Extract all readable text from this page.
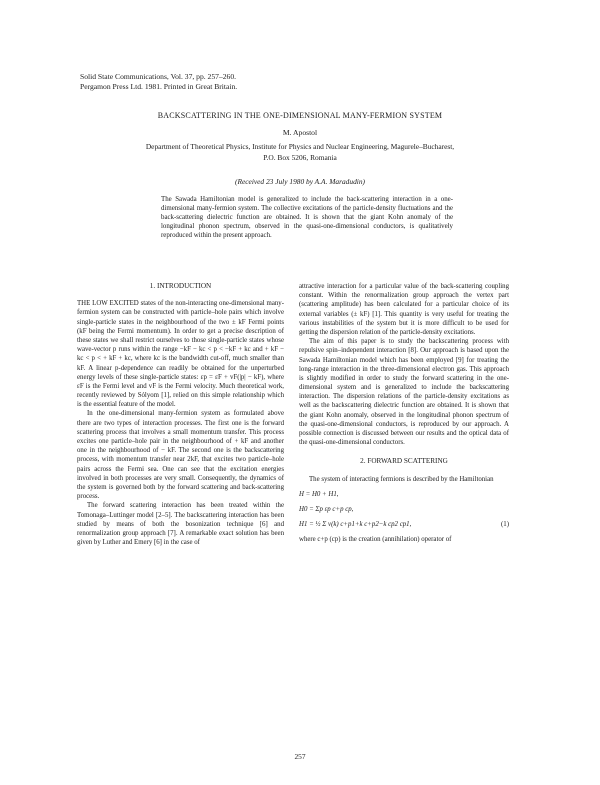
Solid State Communications, Vol. 37, pp. 257–260.
Pergamon Press Ltd. 1981. Printed in Great Britain.
BACKSCATTERING IN THE ONE-DIMENSIONAL MANY-FERMION SYSTEM
M. Apostol
Department of Theoretical Physics, Institute for Physics and Nuclear Engineering, Magurele–Bucharest,
P.O. Box 5206, Romania
(Received 23 July 1980 by A.A. Maradudin)
The Sawada Hamiltonian model is generalized to include the back-scattering interaction in a one-dimensional many-fermion system. The collective excitations of the particle-density fluctuations and the back-scattering dielectric function are obtained. It is shown that the giant Kohn anomaly of the longitudinal phonon spectrum, observed in the quasi-one-dimensional conductors, is qualitatively reproduced within the present approach.
1. INTRODUCTION

THE LOW EXCITED states of the non-interacting one-dimensional many-fermion system can be constructed with particle–hole pairs which involve single-particle states in the neighbourhood of the two ± kF Fermi points (kF being the Fermi momentum). In order to get a precise description of these states we shall restrict ourselves to those single-particle states whose wave-vector p runs within the range −kF − kc < p < −kF + kc and + kF − kc < p < + kF + kc, where kc is the bandwidth cut-off, much smaller than kF. A linear p-dependence can readily be obtained for the unperturbed energy levels of these single-particle states: εp = εF + vF(|p| − kF), where εF is the Fermi level and vF is the Fermi velocity. Much theoretical work, recently reviewed by Sólyom [1], relied on this simple relationship which is the essential feature of the model.

In the one-dimensional many-fermion system as formulated above there are two types of interaction processes. The first one is the forward scattering process that involves a small momentum transfer. This process excites one particle–hole pair in the neighbourhood of + kF and another one in the neighbourhood of − kF. The second one is the backscattering process, with momentum transfer near 2kF, that excites two particle–hole pairs across the Fermi sea. One can see that the excitation energies involved in both processes are very small. Consequently, the dynamics of the system is governed both by the forward scattering and back-scattering process.

The forward scattering interaction has been treated within the Tomonaga–Luttinger model [2–5]. The backscattering interaction has been studied by means of both the bosonization technique [6] and renormalization group approach [7]. A remarkable exact solution has been given by Luther and Emery [6] in the case of

attractive interaction for a particular value of the back-scattering coupling constant. Within the renormalization group approach the vertex part (scattering amplitude) has been calculated for a particular choice of its external variables (± kF) [1]. This quantity is very useful for treating the various instabilities of the system but it is more difficult to be used for getting the dispersion relation of the particle-density excitations.

The aim of this paper is to study the backscattering process with repulsive spin–independent interaction [8]. Our approach is based upon the Sawada Hamiltonian model which has been employed [9] for treating the long-range interaction in the three-dimensional electron gas. This approach is slightly modified in order to study the forward scattering in the one-dimensional system and is generalized to include the backscattering interaction. The dispersion relations of the particle-density excitations as well as the backscattering dielectric function are obtained. It is shown that the giant Kohn anomaly, observed in the longitudinal phonon spectrum of the quasi-one-dimensional conductors, is reproduced by our approach. A possible connection is discussed between our results and the optical data of the quasi-one-dimensional conductors.

2. FORWARD SCATTERING

The system of interacting fermions is described by the Hamiltonian

H = H0 + H1,
H0 = Σp εp c+p cp,
H1 = ½ Σ v(k) c+p1+k c+p2−k cp2 cp1,	(1)

where c+p (cp) is the creation (annihilation) operator of

257
